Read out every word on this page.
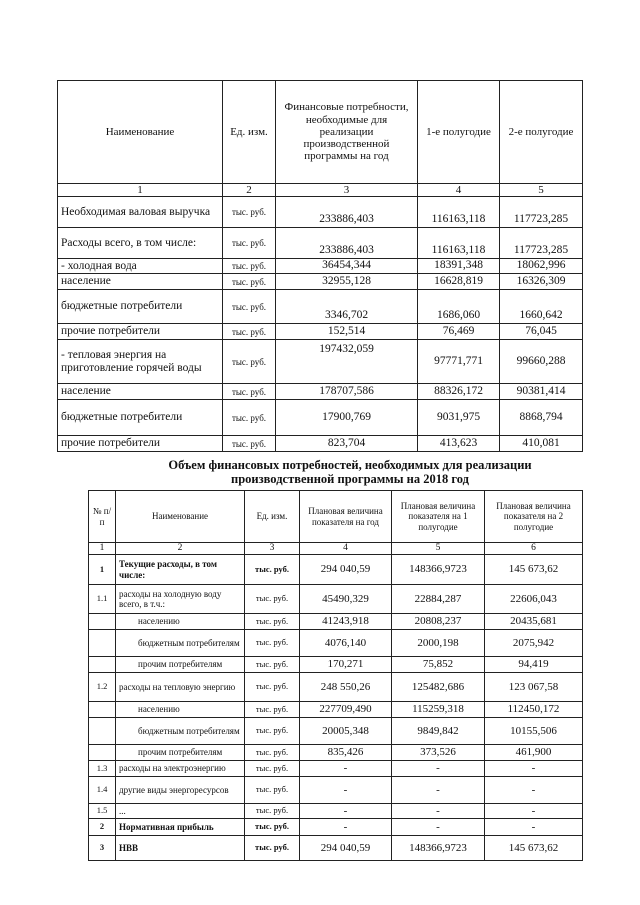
Наименование	Ед. изм.	Финансовые потребности, необходимые для реализации производственной программы на год	1-е полугодие	2-е полугодие
1	2	3	4	5
Необходимая валовая выручка	тыс. руб.	233886,403	116163,118	117723,285
Расходы всего, в том числе:	тыс. руб.	233886,403	116163,118	117723,285
- холодная вода	тыс. руб.	36454,344	18391,348	18062,996
население	тыс. руб.	32955,128	16628,819	16326,309
бюджетные потребители	тыс. руб.	3346,702	1686,060	1660,642
прочие потребители	тыс. руб.	152,514	76,469	76,045
- тепловая энергия на приготовление горячей воды	тыс. руб.	197432,059	97771,771	99660,288
население	тыс. руб.	178707,586	88326,172	90381,414
бюджетные потребители	тыс. руб.	17900,769	9031,975	8868,794
прочие потребители	тыс. руб.	823,704	413,623	410,081
Объем финансовых потребностей, необходимых для реализации производственной программы на 2018 год
№ п/п	Наименование	Ед. изм.	Плановая величина показателя на год	Плановая величина показателя на 1 полугодие	Плановая величина показателя на 2 полугодие
1	2	3	4	5	6
1	Текущие расходы, в том числе:	тыс. руб.	294 040,59	148366,9723	145 673,62
1.1	расходы на холодную воду всего, в т.ч.:	тыс. руб.	45490,329	22884,287	22606,043
	населению	тыс. руб.	41243,918	20808,237	20435,681
	бюджетным потребителям	тыс. руб.	4076,140	2000,198	2075,942
	прочим потребителям	тыс. руб.	170,271	75,852	94,419
1.2	расходы на тепловую энергию	тыс. руб.	248 550,26	125482,686	123 067,58
	населению	тыс. руб.	227709,490	115259,318	112450,172
	бюджетным потребителям	тыс. руб.	20005,348	9849,842	10155,506
	прочим потребителям	тыс. руб.	835,426	373,526	461,900
1.3	расходы на электроэнергию	тыс. руб.	-	-	-
1.4	другие виды энергоресурсов	тыс. руб.	-	-	-
1.5	...	тыс. руб.	-	-	-
2	Нормативная прибыль	тыс. руб.	-	-	-
3	НВВ	тыс. руб.	294 040,59	148366,9723	145 673,62
